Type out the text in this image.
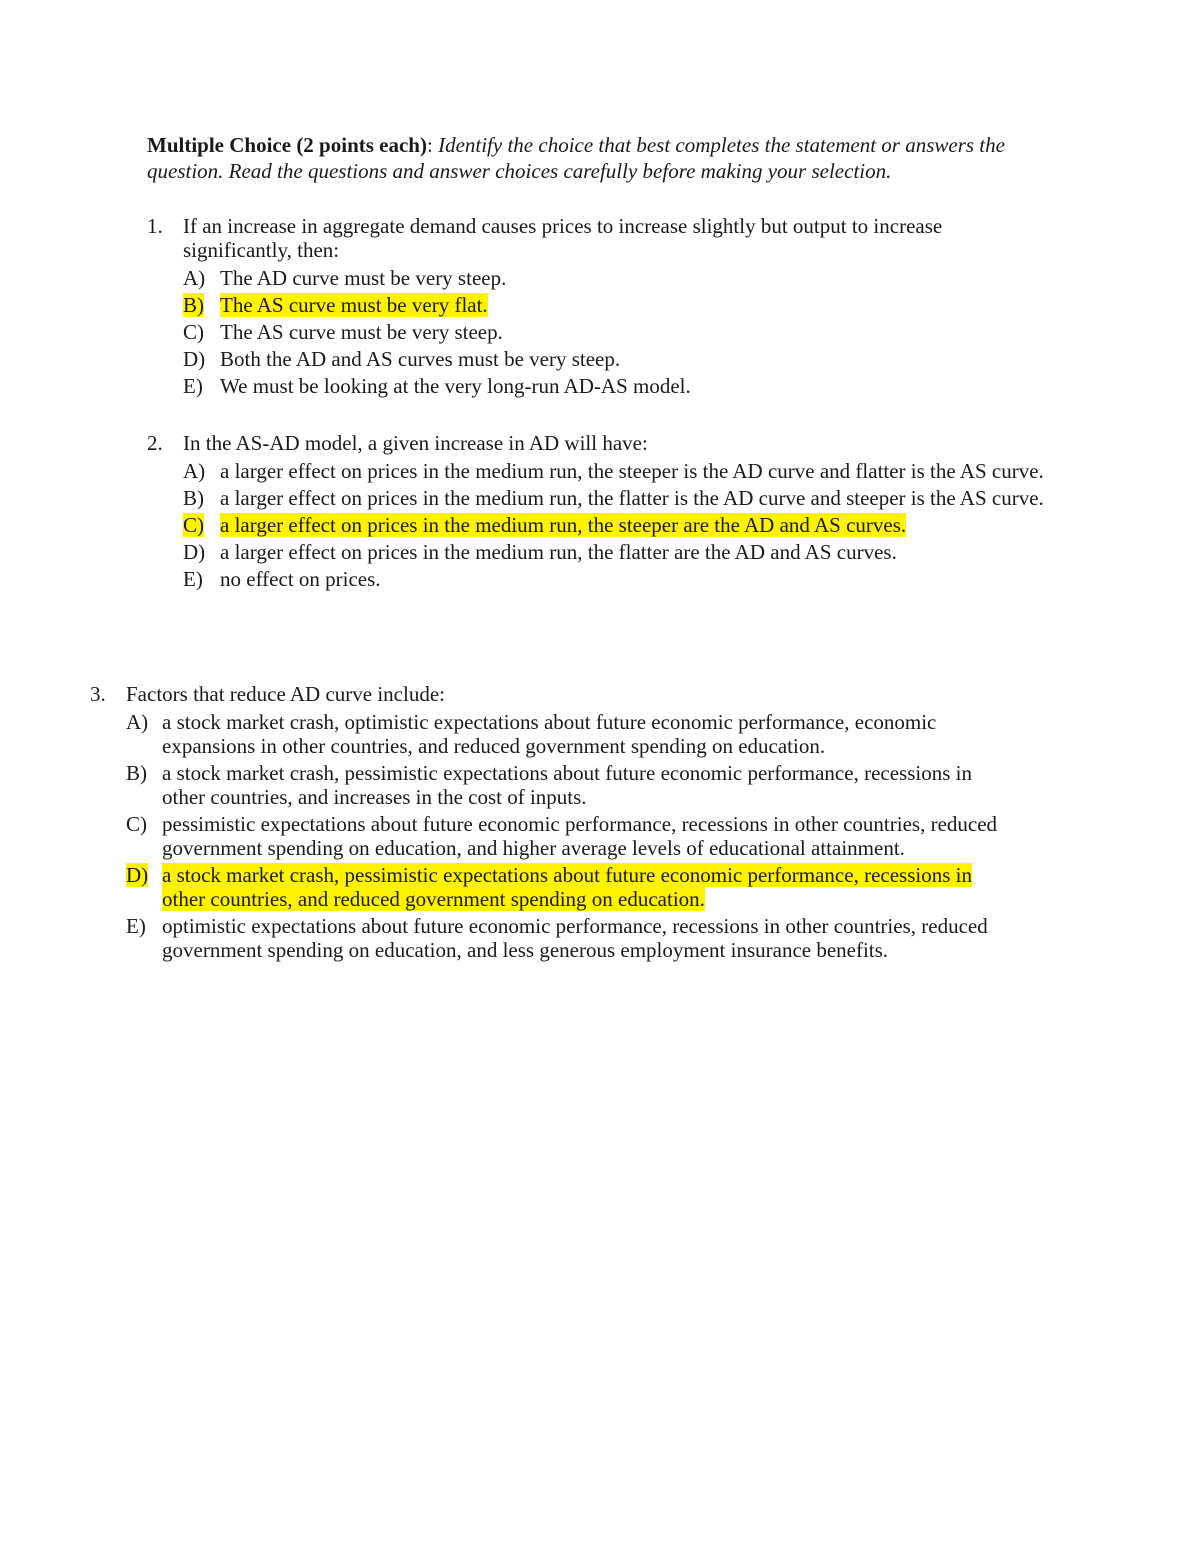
Multiple Choice (2 points each): Identify the choice that best completes the statement or answers the question. Read the questions and answer choices carefully before making your selection.
1. If an increase in aggregate demand causes prices to increase slightly but output to increase significantly, then:
A) The AD curve must be very steep.
B) The AS curve must be very flat.
C) The AS curve must be very steep.
D) Both the AD and AS curves must be very steep.
E) We must be looking at the very long-run AD-AS model.
2. In the AS-AD model, a given increase in AD will have:
A) a larger effect on prices in the medium run, the steeper is the AD curve and flatter is the AS curve.
B) a larger effect on prices in the medium run, the flatter is the AD curve and steeper is the AS curve.
C) a larger effect on prices in the medium run, the steeper are the AD and AS curves.
D) a larger effect on prices in the medium run, the flatter are the AD and AS curves.
E) no effect on prices.
3. Factors that reduce AD curve include:
A) a stock market crash, optimistic expectations about future economic performance, economic expansions in other countries, and reduced government spending on education.
B) a stock market crash, pessimistic expectations about future economic performance, recessions in other countries, and increases in the cost of inputs.
C) pessimistic expectations about future economic performance, recessions in other countries, reduced government spending on education, and higher average levels of educational attainment.
D) a stock market crash, pessimistic expectations about future economic performance, recessions in other countries, and reduced government spending on education.
E) optimistic expectations about future economic performance, recessions in other countries, reduced government spending on education, and less generous employment insurance benefits.
